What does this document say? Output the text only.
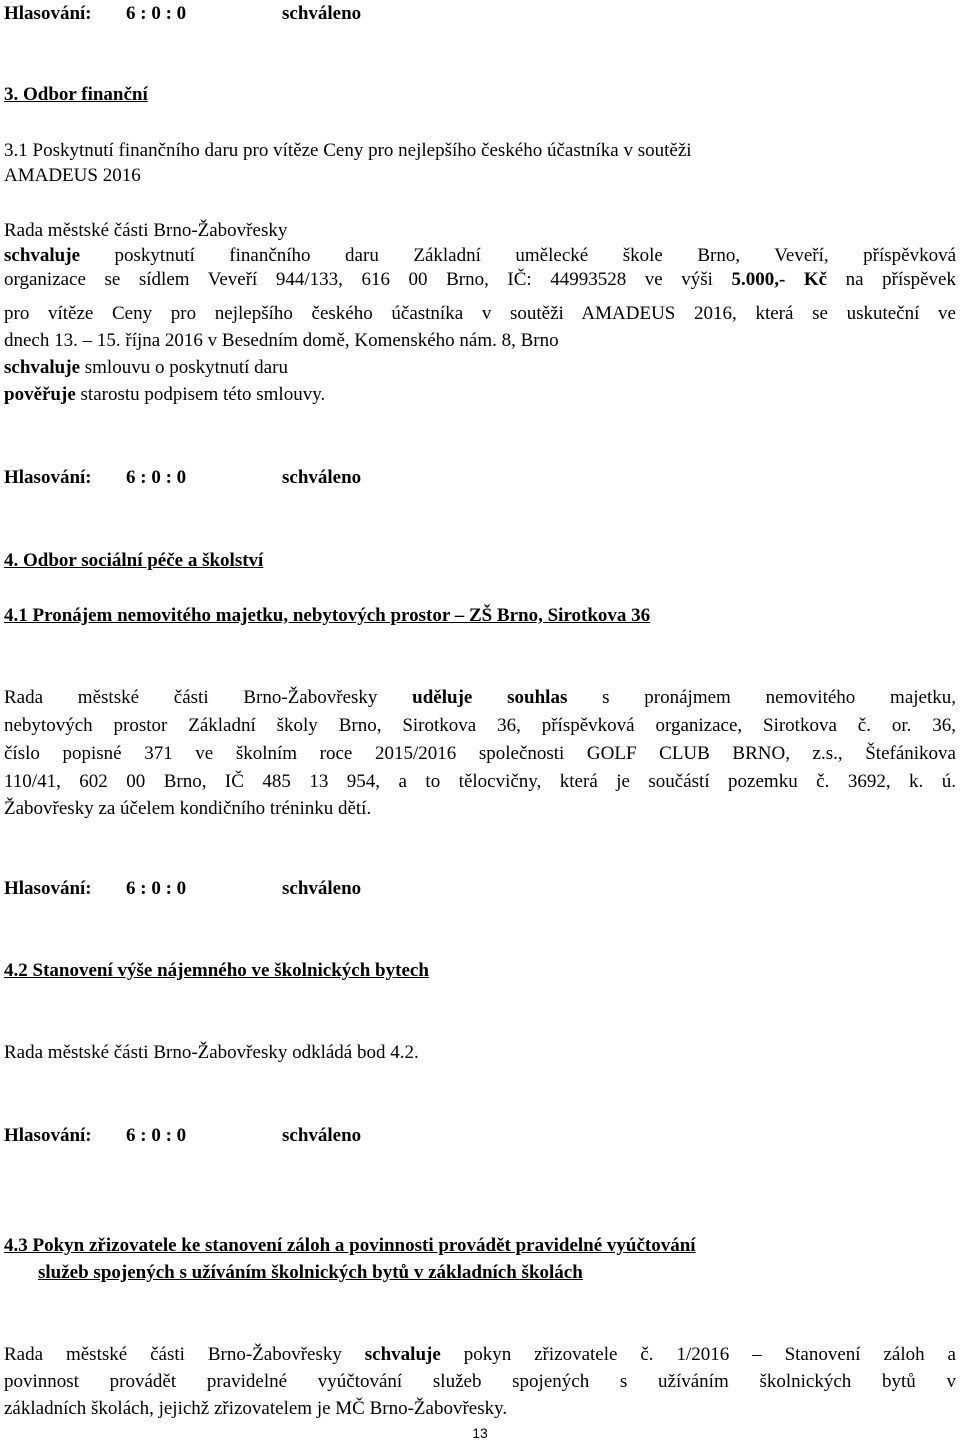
Hlasování: 6 : 0 : 0	schváleno
3. Odbor finanční
3.1 Poskytnutí finančního daru pro vítěze Ceny pro nejlepšího českého účastníka v soutěži
AMADEUS 2016
Rada městské části Brno-Žabovřesky
schvaluje poskytnutí finančního daru Základní umělecké škole Brno, Veveří, příspěvková
organizace se sídlem Veveří 944/133, 616 00 Brno, IČ: 44993528 ve výši 5.000,- Kč na příspěvek
pro vítěze Ceny pro nejlepšího českého účastníka v soutěži AMADEUS 2016, která se uskuteční ve
dnech 13. – 15. října 2016 v Besedním domě, Komenského nám. 8, Brno
schvaluje smlouvu o poskytnutí daru
pověřuje starostu podpisem této smlouvy.
Hlasování: 6 : 0 : 0	schváleno
4. Odbor sociální péče a školství
4.1 Pronájem nemovitého majetku, nebytových prostor – ZŠ Brno, Sirotkova 36
Rada městské části Brno-Žabovřesky uděluje souhlas s pronájmem nemovitého majetku,
nebytových prostor Základní školy Brno, Sirotkova 36, příspěvková organizace, Sirotkova č. or. 36,
číslo popisné 371 ve školním roce 2015/2016 společnosti GOLF CLUB BRNO, z.s., Štefánikova
110/41, 602 00 Brno, IČ 485 13 954, a to tělocvičny, která je součástí pozemku č. 3692, k. ú.
Žabovřesky za účelem kondičního tréninku dětí.
Hlasování: 6 : 0 : 0	schváleno
4.2 Stanovení výše nájemného ve školnických bytech
Rada městské části Brno-Žabovřesky odkládá bod 4.2.
Hlasování: 6 : 0 : 0	schváleno
4.3 Pokyn zřizovatele ke stanovení záloh a povinnosti provádět pravidelné vyúčtování
služeb spojených s užíváním školnických bytů v základních školách
Rada městské části Brno-Žabovřesky schvaluje pokyn zřizovatele č. 1/2016 – Stanovení záloh a
povinnost provádět pravidelné vyúčtování služeb spojených s užíváním školnických bytů v
základních školách, jejichž zřizovatelem je MČ Brno-Žabovřesky.
13
